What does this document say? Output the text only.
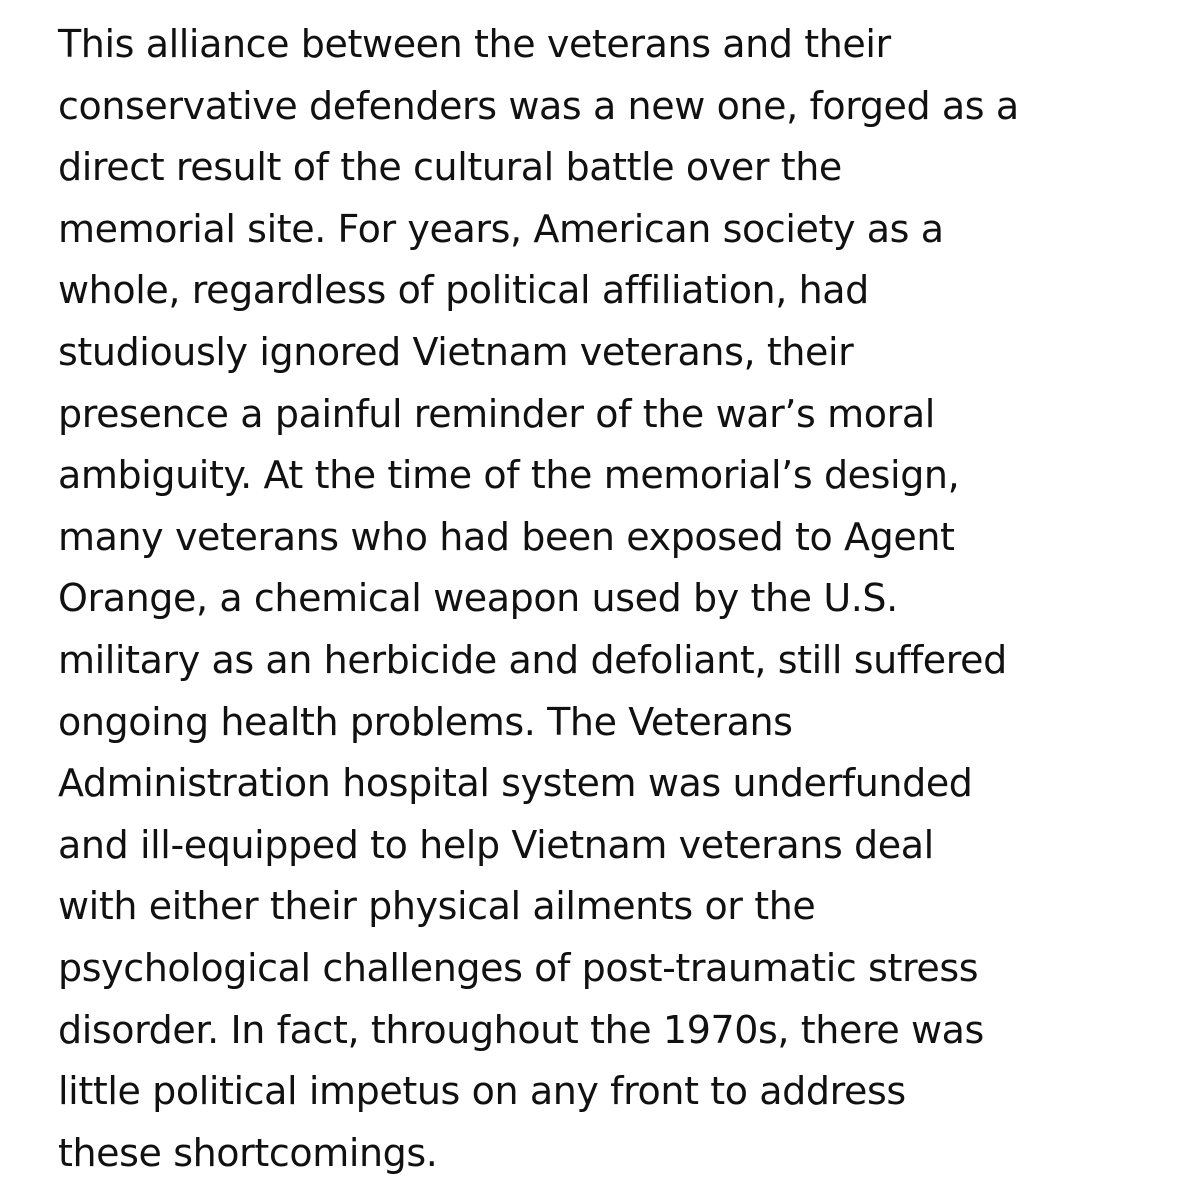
This alliance between the veterans and their
conservative defenders was a new one, forged as a
direct result of the cultural battle over the
memorial site. For years, American society as a
whole, regardless of political affiliation, had
studiously ignored Vietnam veterans, their
presence a painful reminder of the war’s moral
ambiguity. At the time of the memorial’s design,
many veterans who had been exposed to Agent
Orange, a chemical weapon used by the U.S.
military as an herbicide and defoliant, still suffered
ongoing health problems. The Veterans
Administration hospital system was underfunded
and ill-equipped to help Vietnam veterans deal
with either their physical ailments or the
psychological challenges of post-traumatic stress
disorder. In fact, throughout the 1970s, there was
little political impetus on any front to address
these shortcomings.
